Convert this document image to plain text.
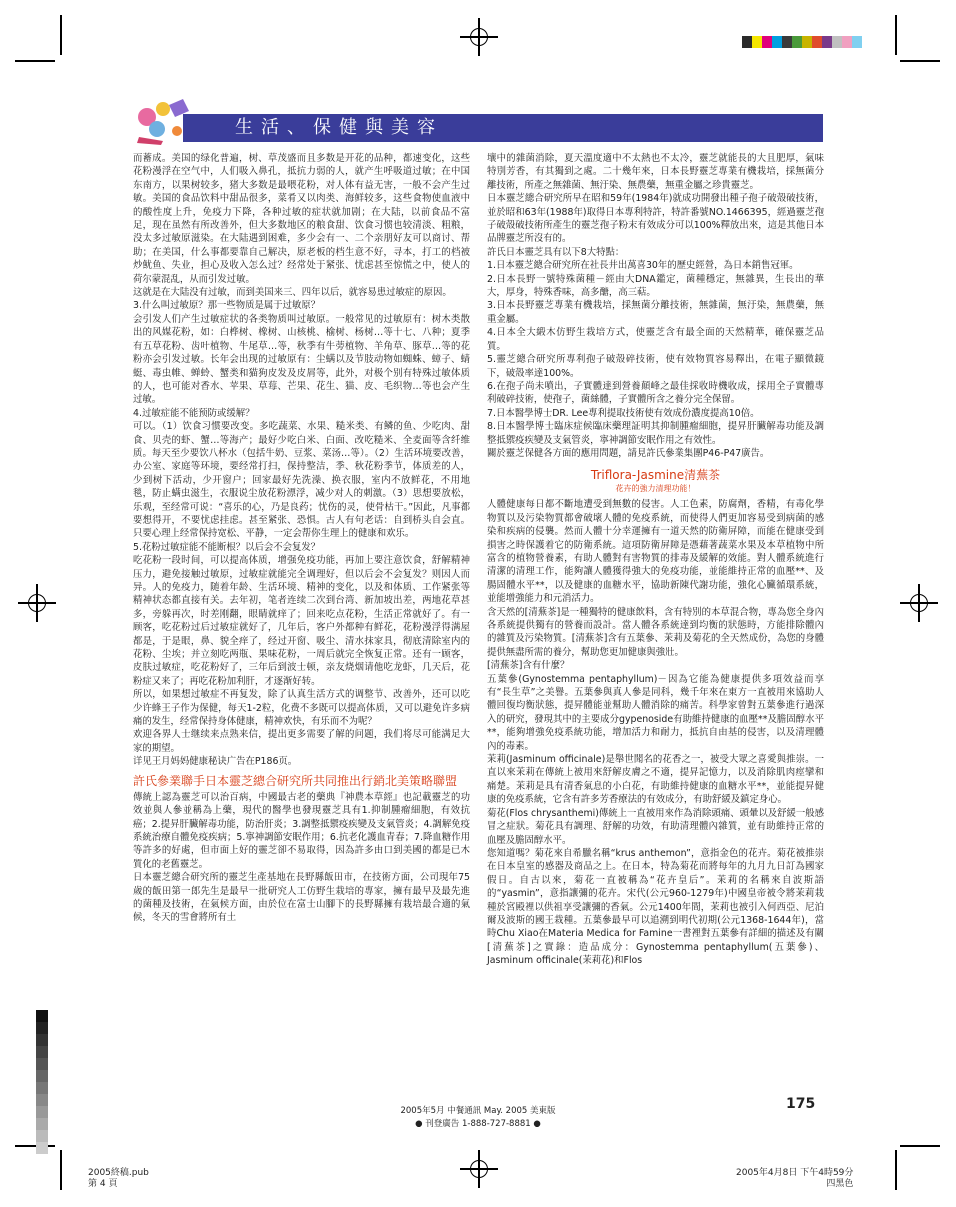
生活、保健與美容

而蓄成。美国的绿化普遍，树、草茂盛而且多数是开花的品种，都速变化，这些花粉漫浮在空气中，人们吸入鼻孔，抵抗力弱的人，就产生呼吸道过敏；在中国东南方，以果树较多，猪大多数是最喂花粉，对人体有益无害，一般不会产生过敏。美国的食品饮料中甜品很多，菜肴又以肉类、海鲜较多，这些食物使血液中的酸性度上升，免疫力下降，各种过敏的症状就加剧；在大陆，以前食品不富足，现在虽然有所改善外，但大多数地区的粮食甜、饮食习惯也较清淡、粗粮，没太多过敏原滋染。在大陆遇到困难，多少会有一、二个亲朋好友可以商讨、帮助；在美国，什么事都要靠自己解决，原老板的档生意不好，寻本，打工的档被炒鱿鱼、失业，担心及收入怎么过？经常处于紧张、忧虑甚至惊慌之中，使人的荷尔蒙混乱，从而引发过敏。

这就是在大陆没有过敏，而到美国来三、四年以后，就容易患过敏症的原因。

3.什么叫过敏原？那一些物质是属于过敏原？

会引发人们产生过敏症状的各类物质叫过敏原。一般常见的过敏原有：树木类散出的风媒花粉，如：白桦树、橡树、山核桃、榆树、杨树…等十七、八种；夏季有五草花粉、齿叶植物、牛尾草…等，秋季有牛蒡植物、羊角草、豚草…等的花粉亦会引发过敏。长年会出现的过敏原有：尘螨以及节肢动物如蜘蛛、蟑子、蜻蜓、毒虫帷、蝉蛉、蟹类和猫狗皮发及皮屑等，此外，对极个别有特殊过敏体质的人，也可能对香水、苹果、草莓、芒果、花生、猫、皮、毛织物…等也会产生过敏。

4.过敏症能不能预防或缓解？

可以。（1）饮食习惯要改变。多吃蔬菜、水果、糙米类、有鳞的鱼、少吃肉、甜食、贝壳的虾、蟹…等海产；最好少吃白米、白面、改吃糙米、全麦面等含纤维质。每天至少要饮八杯水（包括牛奶、豆浆、菜汤…等）。（2）生活环境要改善，办公室、家庭等环境，要经常打扫，保持整洁，季、秋花粉季节，体质差的人，少到树下活动，少开窗户；回家最好先洗澡、换衣服，室内不放鲜花，不用地毯，防止螨虫滋生，衣服说尘放花粉漂浮，减少对人的刺激。（3）思想要放松，乐观，至经常可说：“喜乐的心，乃是良药；忧伤的灵，使骨枯干。”因此，凡事都要想得开，不要忧虑挂虑。甚至紧张、恐惧。古人有句老话：自到桥头自会直。只要心理上经常保持宽松、平静，一定会帮你生理上的健康和欢乐。

5.花粉过敏症能不能断根？以后会不会复发？

吃花粉一段时间，可以提高体质，增强免疫功能，再加上要注意饮食，舒解精神压力，避免接触过敏原，过敏症就能完全调理好，但以后会不会复发？则因人而异。人的免疫力，随着年龄、生活环境、精神的变化，以及和体质、工作紧张等精神状态都直接有关。去年初，笔者连续二次到台湾、新加坡出差，两地花草甚多，旁躲再次，时差刚翻，眼睛就痒了；回来吃点花粉，生活正常就好了。有一顾客，吃花粉过后过敏症就好了，几年后，客户外都种有鲜花，花粉漫浮得满屋都是，于是眼，鼻、貌全痒了，经过开窗、吸尘、清水抹家具，彻底清除室内的花粉、尘埃；并立刻吃两瓶、果味花粉，一周后就完全恢复正常。还有一顾客，皮肤过敏症，吃花粉好了，三年后到波士顿，亲友烧烟请他吃龙虾，几天后，花粉症又来了；再吃花粉加利肝，才逐渐好转。

所以，如果想过敏症不再复发，除了认真生活方式的调整节、改善外，还可以吃少许蜂王子作为保健，每天1-2粒，化费不多既可以提高体质，又可以避免许多病痛的发生，经常保持身体健康，精神欢快，有乐而不为呢？

欢迎各界人士继续来点熟来信，提出更多需要了解的问题，我们将尽可能满足大家的期望。

详见王月妈妈健康秘诀广告在P186页。

許氏參業聯手日本靈芝總合研究所共同推出行銷北美策略聯盟

傳統上認為靈芝可以治百病，中國最古老的藥典『神農本草經』也記載靈芝的功效並與人參並稱為上藥，現代的醫學也發現靈芝具有1.抑制腫瘤細胞，有效抗癌；2.提昇肝臟解毒功能，防治肝炎；3.調整抵禦疫疾變及支氣管炎；4.調解免疫系統治療自體免疫疾病；5.寧神調節安眠作用；6.抗老化護血青春；7.降血糖作用等許多的好處，但市面上好的靈芝卻不易取得，因為許多由口到美國的都是已木質化的老舊靈芝。

日本靈芝總合研究所的靈芝生產基地在長野縣飯田市，在技術方面，公司現年75歲的飯田第一郎先生是最早一批研究人工仿野生栽培的專家，擁有最早及最先進的菌種及技術，在氣候方面，由於位在富士山腳下的長野縣擁有栽培最合適的氣候，冬天的雪會將所有土

壤中的雜菌消除，夏天溫度適中不太熱也不太冷，靈芝就能長的大且肥厚，氣味特別芳香，有其獨到之處。二十幾年來，日本長野靈芝專業有機栽培，採無菌分離技術，所產之無雜菌、無汙染、無農藥，無重金屬之珍貴靈芝。

日本靈芝總合研究所早在昭和59年(1984年)就成功開發出種子孢子破殼破技術，並於昭和63年(1988年)取得日本專利特許，特許番號NO.1466395，經過靈芝孢子破殼破技術所產生的靈芝孢子粉末有效成分可以100%釋放出來，這是其他日本品牌靈芝所沒有的。

許氏日本靈芝具有以下8大特點：

1.日本靈芝總合研究所在社長井出萬喜30年的歷史經營，為日本銷售冠軍。

2.日本長野一號特殊菌種－經由大DNA鑑定，菌種穩定，無雜異，生長出的華大，厚身，特殊香味，高多醣，高三萜。

3.日本長野靈芝專業有機栽培，採無菌分離技術，無雜菌，無汙染，無農藥，無重金屬。

4.日本全大緞木仿野生栽培方式，使靈芝含有最全面的天然精華，確保靈芝品質。

5.靈芝總合研究所專利孢子破殼碎技術，使有效物質容易釋出，在電子顯微鏡下，破殼率達100%。

6.在孢子尚未噴出，子實體達到營養顛峰之最佳採收時機收成，採用全子實體專利破碎技術，使孢子，菌絲體，子實體所含之養分完全保留。

7.日本醫學博士DR. Lee專利提取技術使有效成份濃度提高10倍。

8.日本醫學博士臨床症候臨床藥理証明其抑制腫瘤細胞，提昇肝臟解毒功能及調整抵禦疫疾變及支氣管炎，寧神調節安眠作用之有效性。

關於靈芝保健各方面的應用問題，請見許氏參業集團P46-P47廣告。

Triflora-Jasmine清蕪茶
花卉的強力清理功能！

人體健康每日都不斷地遭受到無數的侵害。人工色素，防腐劑，香精，有毒化學物質以及污染物質都會破壞人體的免疫系統，而使得人們更加容易受到病菌的感染和疾病的侵襲。然而人體十分幸運擁有一道天然的防衛屏障，而能在健康受到損害之時保護着它的防衛系統。這項防衛屏障是憑藉著蔬菜水果及本草植物中所富含的植物營養素，有助人體對有害物質的排毒及緩解的效能。對人體系統進行清潔的清理工作，能夠讓人體獲得強大的免疫功能，並能維持正常的血壓**、及腸固體水平**，以及健康的血糖水平，協助新陳代謝功能，強化心臟循環系統，並能增強能力和元消活力。

含天然的[清蕪茶]是一種獨特的健康飲料，含有特別的本草混合物，專為您全身內各系統提供獨有的營養而設計。當人體各系統達到均衡的狀態時，方能排除體內的雜質及污染物質。[清蕪茶]含有五葉參、茉莉及菊花的全天然成份，為您的身體提供無盡所需的養分，幫助您更加健康與強壯。

[清蕪茶]含有什麼？

五葉參(Gynostemma pentaphyllum)－因為它能為健康提供多項效益而享有“長生草”之美譽。五葉參與真人參是同科，幾千年來在東方一直被用來協助人體回復均衡狀態，提昇體能並幫助人體消除的痛苦。科學家曾對五葉參進行過深入的研究，發現其中的主要成分gypenoside有助維持健康的血壓**及膽固醇水平**，能夠增強免疫系統功能，增加活力和耐力，抵抗自由基的侵害，以及清理體內的毒素。

茉莉(Jasminum officinale)是舉世聞名的花香之一，被受大眾之喜愛與推崇。一直以來茉莉在傳統上被用來舒解皮膚之不適，提昇記憶力，以及消除肌肉痙攣和痛楚。茉莉是具有清香氣息的小白花，有助維持健康的血糖水平**，並能提昇健康的免疫系統，它含有許多芳香療法的有效成分，有助舒緩及鎮定身心。

菊花(Flos chrysanthemi)傳統上一直被用來作為消除頭痛、頭暈以及舒緩一般感冒之症狀。菊花具有調理、舒解的功效，有助清理體內雜質，並有助維持正常的血壓及膽固醇水平。

您知道嗎？菊花來自希臘名稱“krus anthemon”，意指金色的花卉。菊花被推崇在日本皇室的感器及商品之上。在日本，特為菊花而將每年的九月九日訂為國家假日。自古以來，菊花一直被稱為“花卉皇后”。茉莉的名稱來自波斯語的“yasmin”，意指讓彌的花卉。宋代(公元960-1279年)中國皇帝被令將茉莉栽種於宮殿裡以供祖享受讓彌的香氣。公元1400年間，茉莉也被引入何西亞、尼泊爾及波斯的國王栽種。五葉參最早可以追溯到明代初期(公元1368-1644年)，當時Chu Xiao在Materia Medica for Famine一書裡對五葉參有詳細的描述及有關[清蕪茶]之實錄：造品成分：Gynostemma pentaphyllum(五葉參)、Jasminum officinale(茉莉花)和Flos

2005年5月 中餐通訊 May. 2005 美東版
● 刊登廣告 1-888-727-8881 ●
175
2005終稿.pub
第 4 頁
2005年4月8日 下午4時59分
四黑色
